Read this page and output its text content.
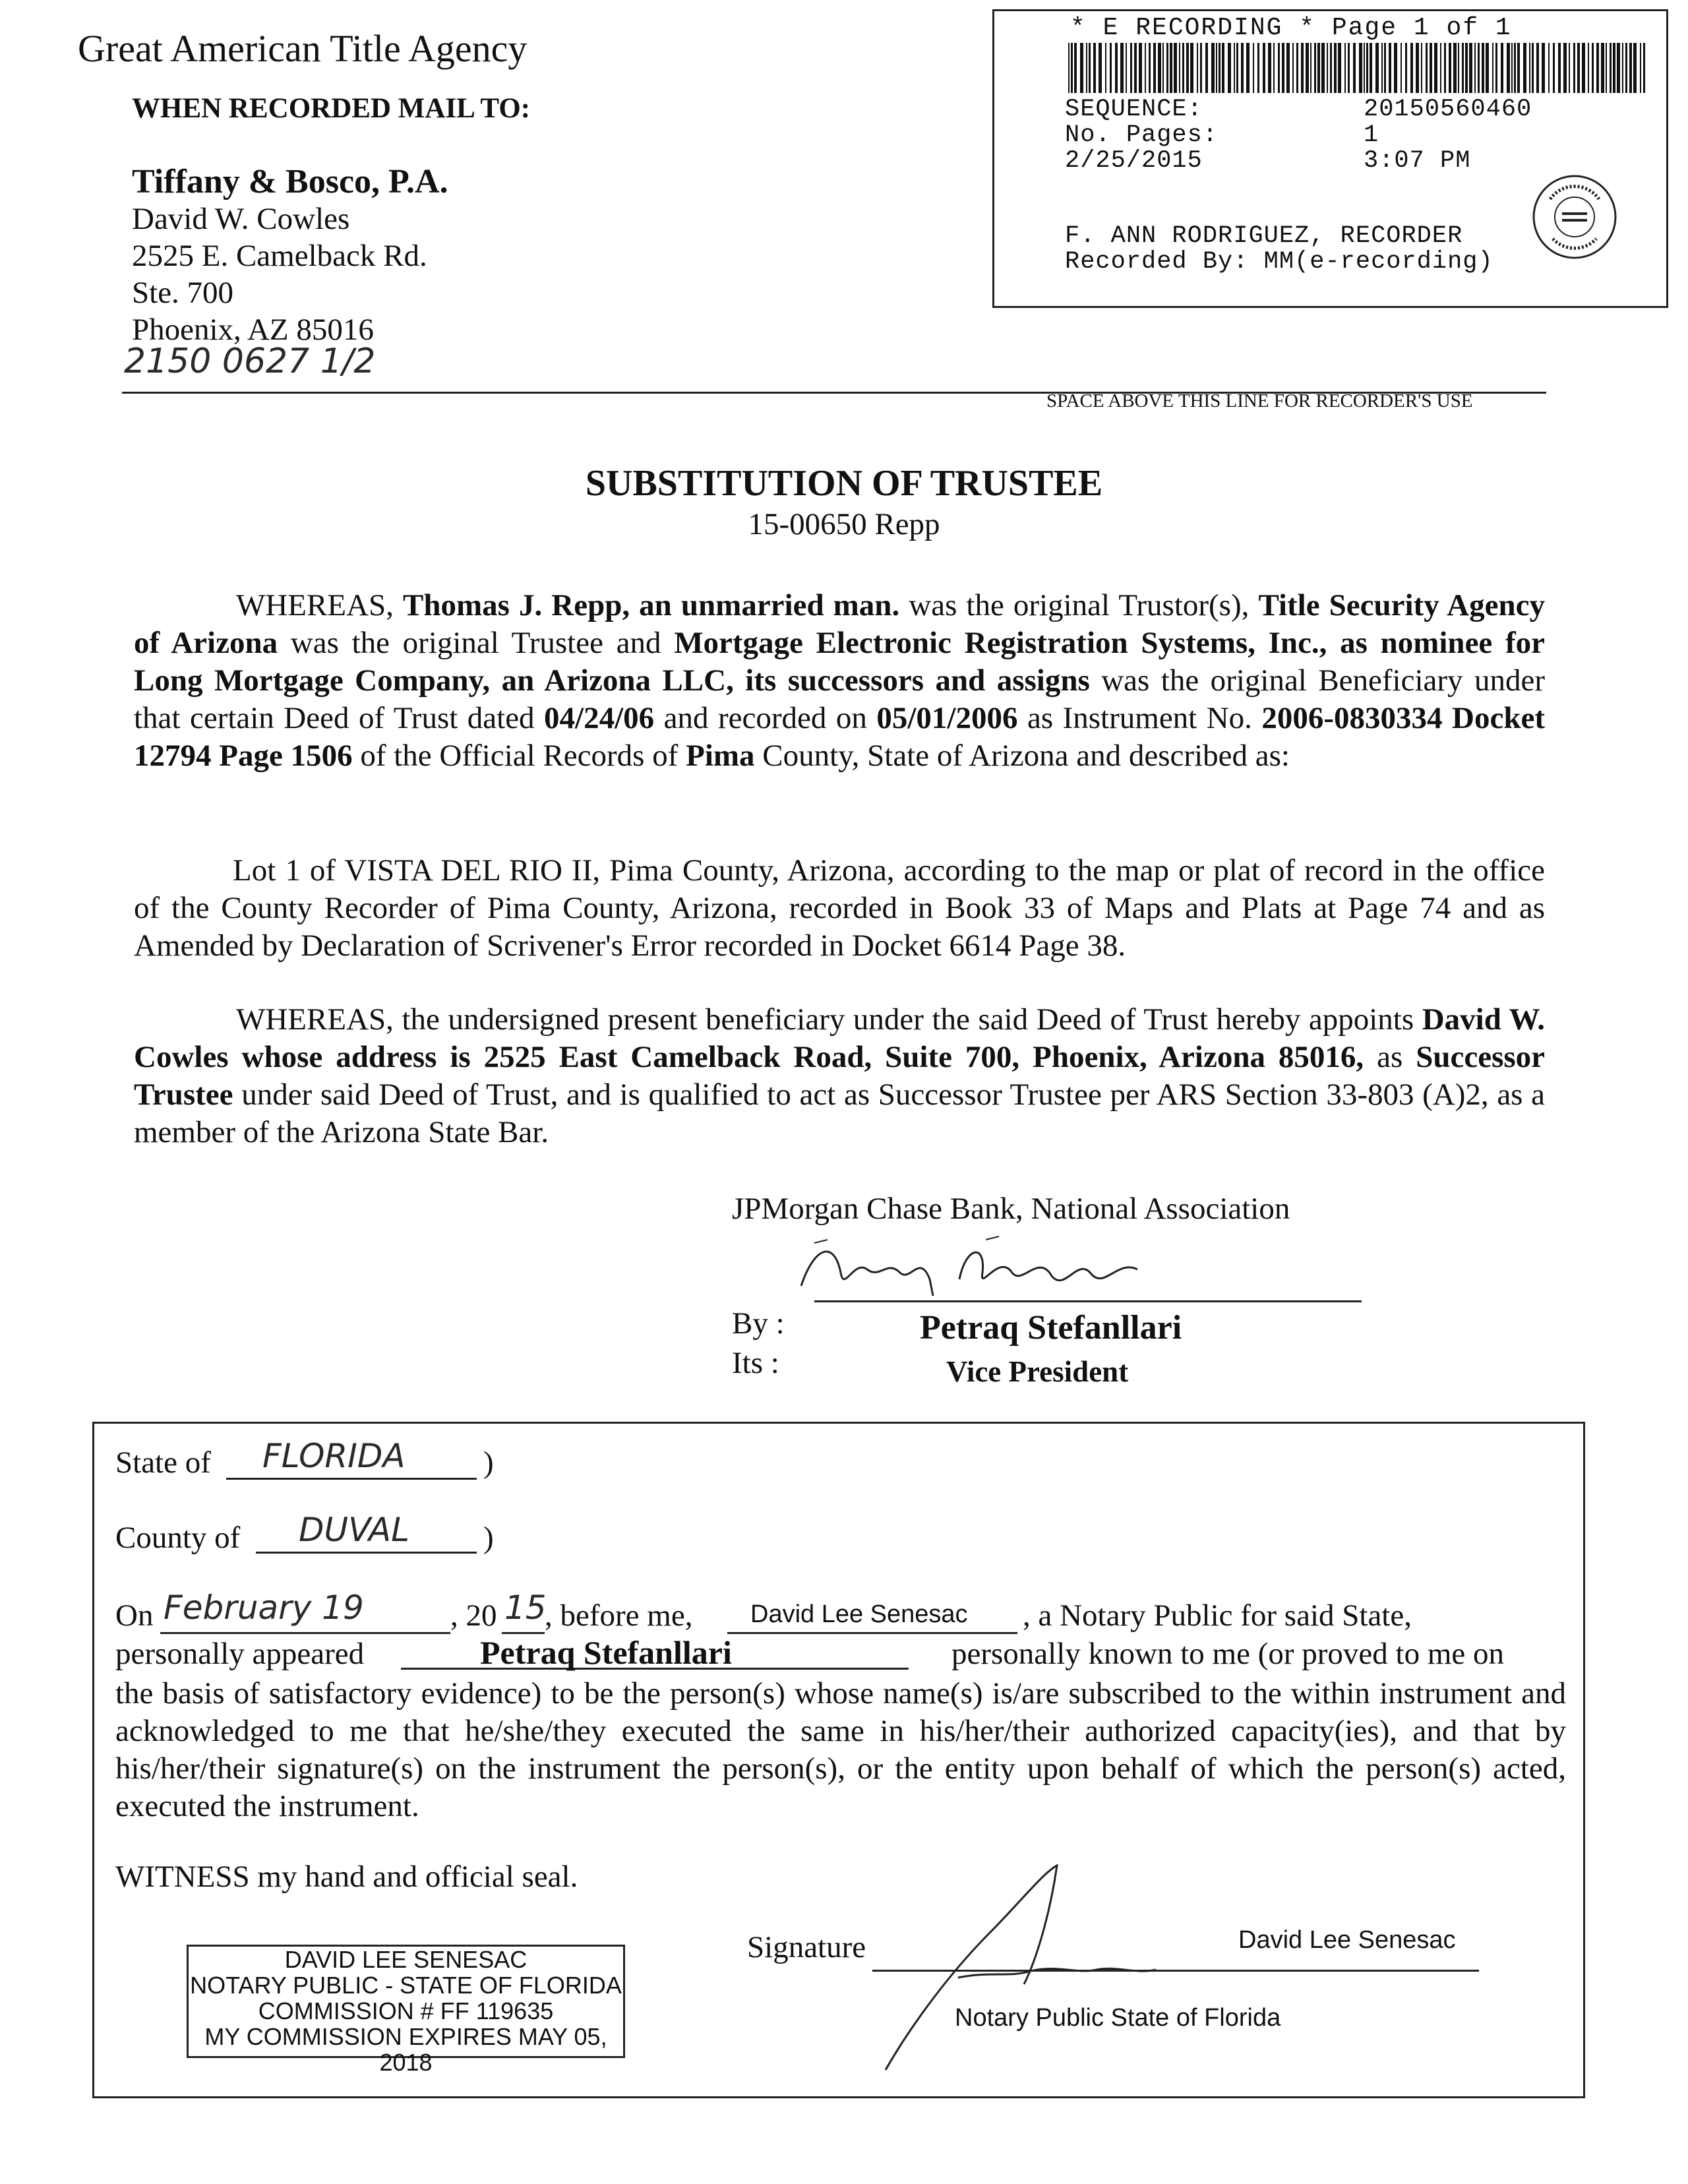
Great American Title Agency
WHEN RECORDED MAIL TO:
Tiffany & Bosco, P.A.
David W. Cowles
2525 E. Camelback Rd.
Ste. 700
Phoenix, AZ 85016
2150 0627 1/2
* E RECORDING * Page 1 of 1
SEQUENCE:	20150560460
No. Pages:	1
2/25/2015	3:07 PM
F. ANN RODRIGUEZ, RECORDER
Recorded By: MM(e-recording)
SPACE ABOVE THIS LINE FOR RECORDER'S USE
SUBSTITUTION OF TRUSTEE
15-00650 Repp
WHEREAS, Thomas J. Repp, an unmarried man. was the original Trustor(s), Title Security Agency of Arizona was the original Trustee and Mortgage Electronic Registration Systems, Inc., as nominee for Long Mortgage Company, an Arizona LLC, its successors and assigns was the original Beneficiary under that certain Deed of Trust dated 04/24/06 and recorded on 05/01/2006 as Instrument No. 2006-0830334 Docket 12794 Page 1506 of the Official Records of Pima County, State of Arizona and described as:
Lot 1 of VISTA DEL RIO II, Pima County, Arizona, according to the map or plat of record in the office of the County Recorder of Pima County, Arizona, recorded in Book 33 of Maps and Plats at Page 74 and as Amended by Declaration of Scrivener's Error recorded in Docket 6614 Page 38.
WHEREAS, the undersigned present beneficiary under the said Deed of Trust hereby appoints David W. Cowles whose address is 2525 East Camelback Road, Suite 700, Phoenix, Arizona 85016, as Successor Trustee under said Deed of Trust, and is qualified to act as Successor Trustee per ARS Section 33-803 (A)2, as a member of the Arizona State Bar.
JPMorgan Chase Bank, National Association
By :
Its :
Petraq Stefanllari
Vice President
State of FLORIDA	)
County of DUVAL )
On February 19	, 20 15
, before me, David Lee Senesac , a Notary Public for said State,
personally appeared	Petraq Stefanllari	personally known to me (or proved to me on
the basis of satisfactory evidence) to be the person(s) whose name(s) is/are subscribed to the within instrument and acknowledged to me that he/she/they executed the same in his/her/their authorized capacity(ies), and that by his/her/their signature(s) on the instrument the person(s), or the entity upon behalf of which the person(s) acted, executed the instrument.
WITNESS my hand and official seal.
DAVID LEE SENESAC
NOTARY PUBLIC - STATE OF FLORIDA
COMMISSION # FF 119635
MY COMMISSION EXPIRES MAY 05, 2018
Signature	David Lee Senesac
Notary Public State of Florida
